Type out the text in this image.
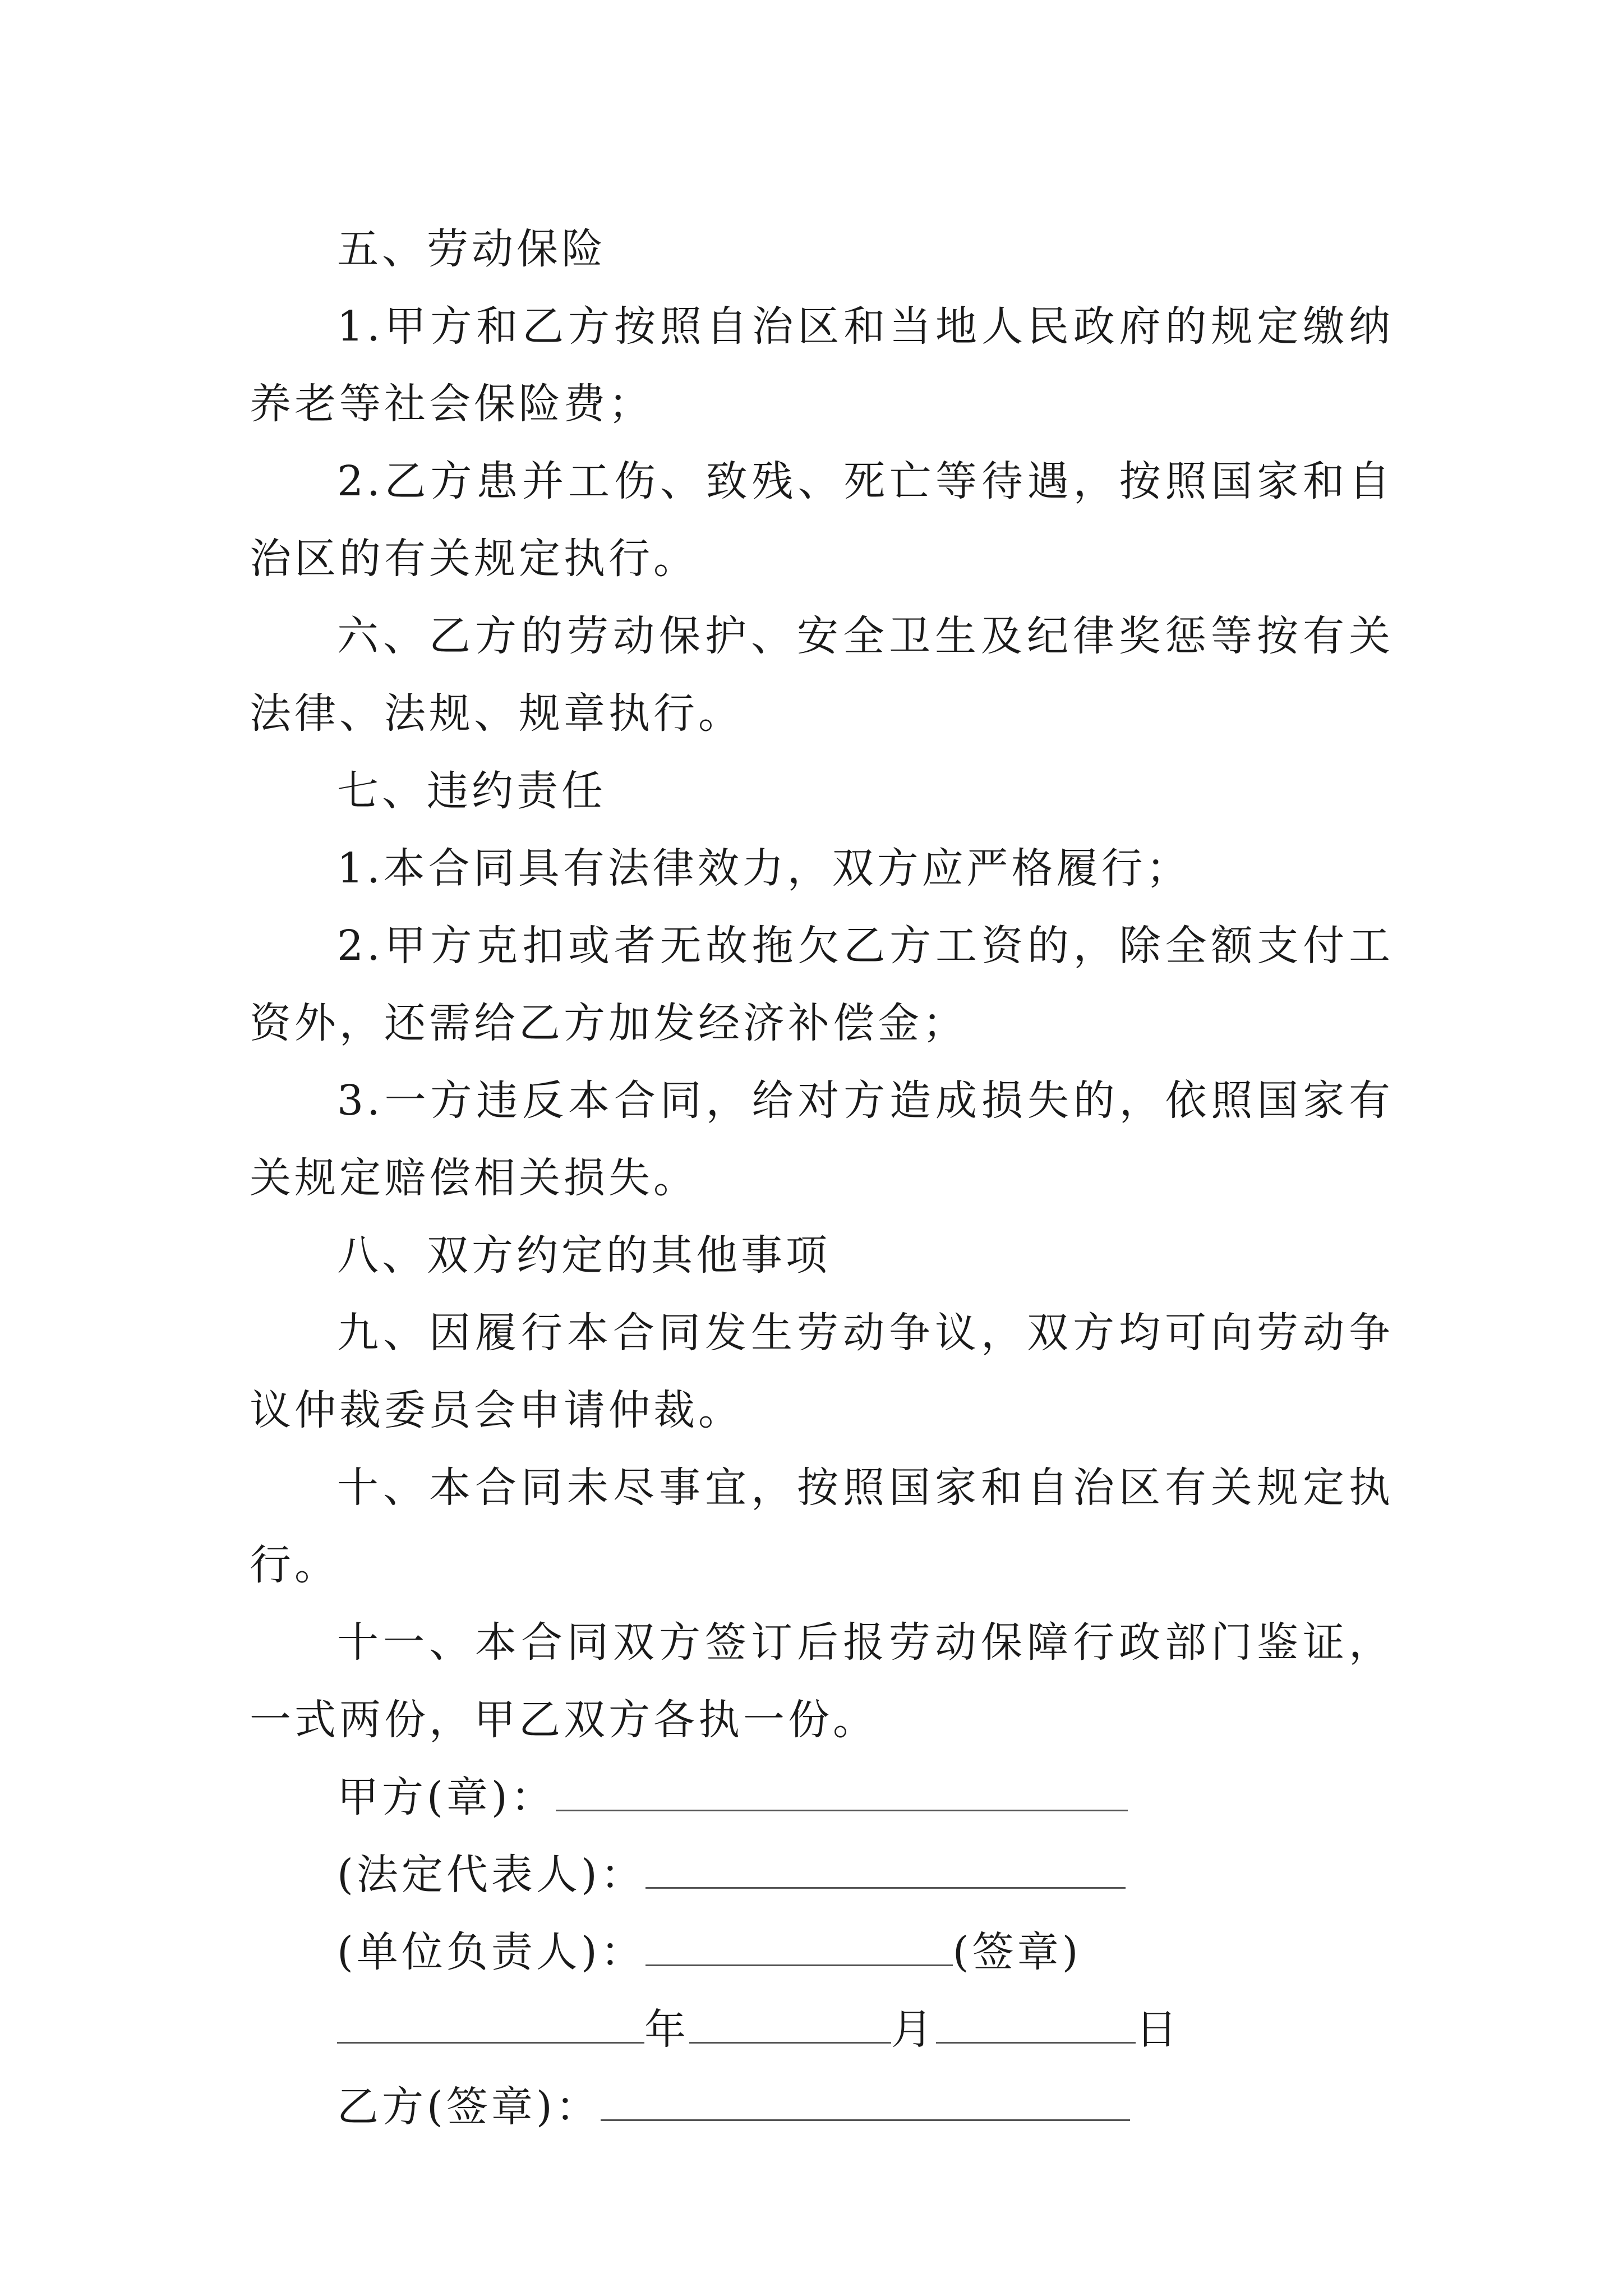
五、劳动保险

1.甲方和乙方按照自治区和当地人民政府的规定缴纳养老等社会保险费；

2.乙方患并工伤、致残、死亡等待遇，按照国家和自治区的有关规定执行。

六、乙方的劳动保护、安全卫生及纪律奖惩等按有关法律、法规、规章执行。

七、违约责任

1.本合同具有法律效力，双方应严格履行；

2.甲方克扣或者无故拖欠乙方工资的，除全额支付工资外，还需给乙方加发经济补偿金；

3.一方违反本合同，给对方造成损失的，依照国家有关规定赔偿相关损失。

八、双方约定的其他事项

九、因履行本合同发生劳动争议，双方均可向劳动争议仲裁委员会申请仲裁。

十、本合同未尽事宜，按照国家和自治区有关规定执行。

十一、本合同双方签订后报劳动保障行政部门鉴证，一式两份，甲乙双方各执一份。

甲方(章)：
(法定代表人)：
(单位负责人)：	(签章)
年	月	日
乙方(签章)：
